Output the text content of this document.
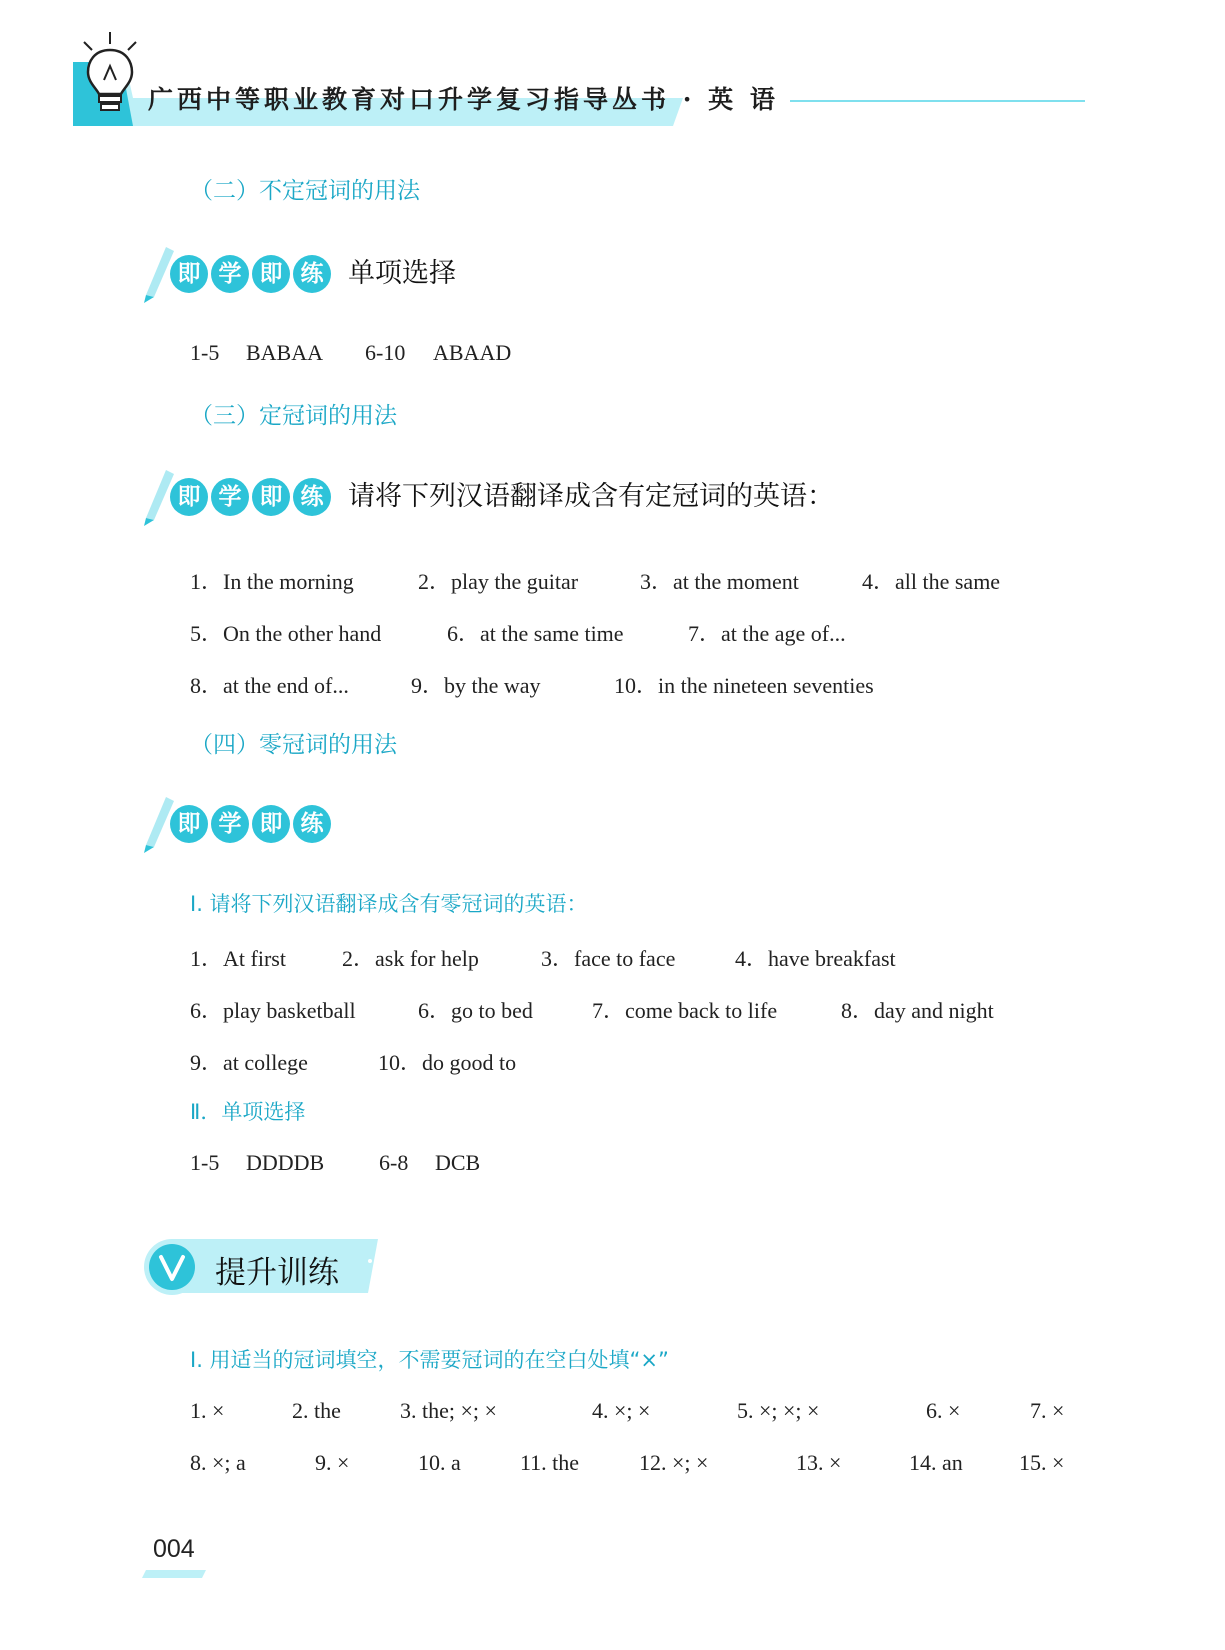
广西中等职业教育对口升学复习指导丛书 · 英 语
（二）不定冠词的用法
即 学 即 练 单项选择
1-5 BABAA 6-10 ABAAD
（三）定冠词的用法
即 学 即 练 请将下列汉语翻译成含有定冠词的英语：
1．In the morning	2．play the guitar	3．at the moment	4．all the same
5．On the other hand	6．at the same time	7．at the age of...
8．at the end of...	9．by the way	10．in the nineteen seventies
（四）零冠词的用法
即 学 即 练
Ⅰ. 请将下列汉语翻译成含有零冠词的英语：
1．At first	2．ask for help	3．face to face	4．have breakfast
6．play basketball	6．go to bed	7．come back to life	8．day and night
9．at college	10．do good to
Ⅱ．单项选择
1-5 DDDDB 6-8 DCB
提升训练
Ⅰ. 用适当的冠词填空，不需要冠词的在空白处填“×”
1. ×	2. the	3. the; ×; ×	4. ×; ×	5. ×; ×; ×	6. ×	7. ×
8. ×; a	9. ×	10. a	11. the	12. ×; ×	13. ×	14. an	15. ×
004
